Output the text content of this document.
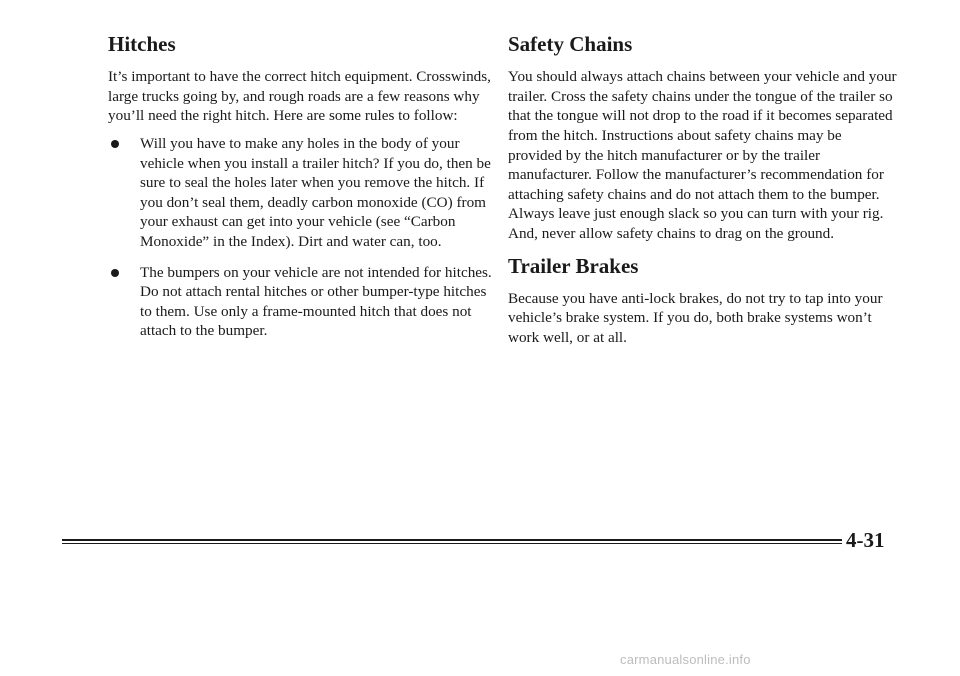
Hitches

It’s important to have the correct hitch equipment. Crosswinds, large trucks going by, and rough roads are a few reasons why you’ll need the right hitch. Here are some rules to follow:

Will you have to make any holes in the body of your vehicle when you install a trailer hitch? If you do, then be sure to seal the holes later when you remove the hitch. If you don’t seal them, deadly carbon monoxide (CO) from your exhaust can get into your vehicle (see “Carbon Monoxide” in the Index). Dirt and water can, too.
The bumpers on your vehicle are not intended for hitches. Do not attach rental hitches or other bumper-type hitches to them. Use only a frame-mounted hitch that does not attach to the bumper.
Safety Chains

You should always attach chains between your vehicle and your trailer. Cross the safety chains under the tongue of the trailer so that the tongue will not drop to the road if it becomes separated from the hitch. Instructions about safety chains may be provided by the hitch manufacturer or by the trailer manufacturer. Follow the manufacturer’s recommendation for attaching safety chains and do not attach them to the bumper. Always leave just enough slack so you can turn with your rig. And, never allow safety chains to drag on the ground.

Trailer Brakes

Because you have anti-lock brakes, do not try to tap into your vehicle’s brake system. If you do, both brake systems won’t work well, or at all.

4-31
carmanualsonline.info
